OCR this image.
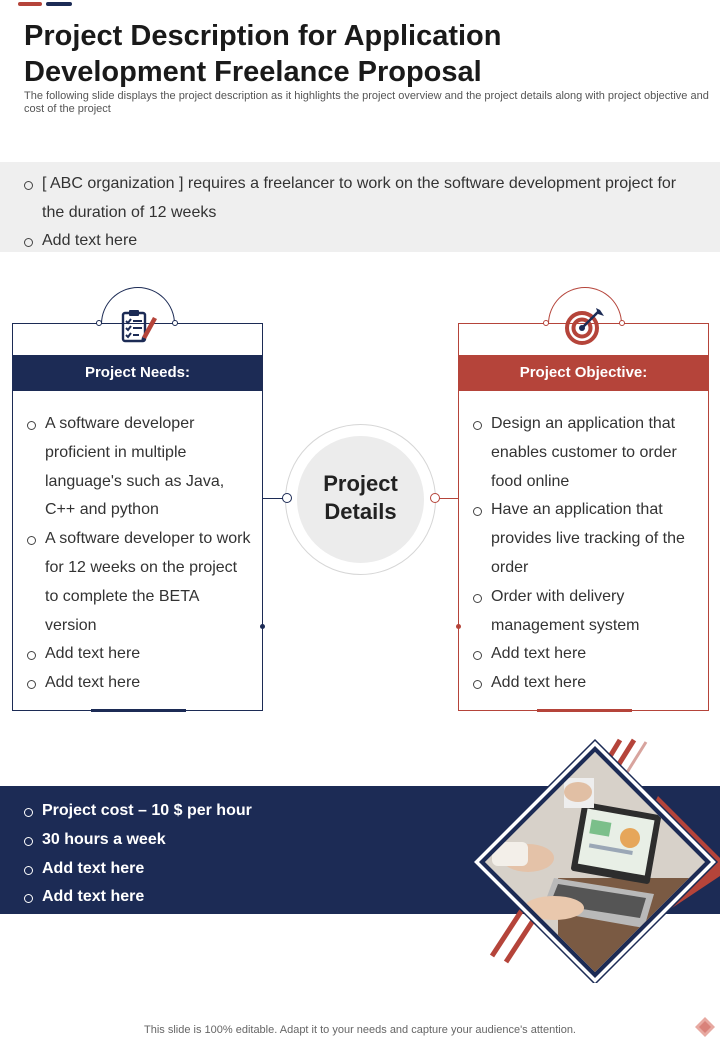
Project Description for Application Development Freelance Proposal

The following slide displays the project description as it highlights the project overview and the project details along with project objective and cost of the project

[ ABC organization ] requires a freelancer to work on the software development project for the duration of 12 weeks
Add text here
Project Needs:
A software developer proficient in multiple language's such as Java, C++ and python
A software developer to work for 12 weeks on the project to complete the BETA version
Add text here
Add text here
Project Details
Project Objective:
Design an application that enables customer to order food online
Have an application that provides live tracking of the order
Order with delivery management system
Add text here
Add text here
Project cost – 10 $ per hour
30 hours a week
Add text here
Add text here
This slide is 100% editable. Adapt it to your needs and capture your audience's attention.
